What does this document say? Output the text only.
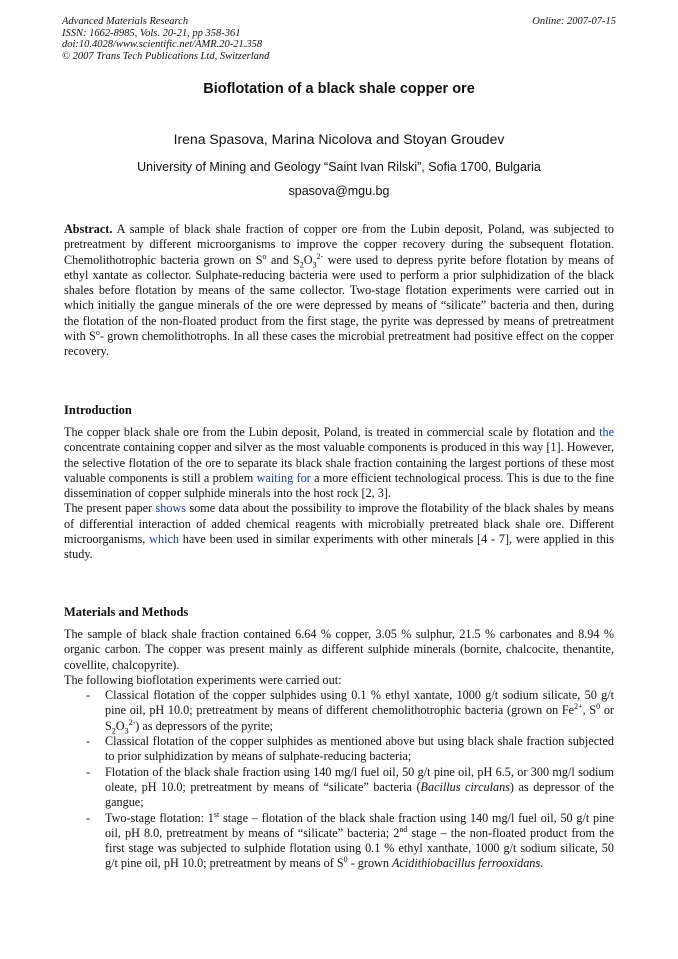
Advanced Materials Research
ISSN: 1662-8985, Vols. 20-21, pp 358-361
doi:10.4028/www.scientific.net/AMR.20-21.358
© 2007 Trans Tech Publications Ltd, Switzerland
Online: 2007-07-15
Bioflotation of a black shale copper ore
Irena Spasova, Marina Nicolova and Stoyan Groudev
University of Mining and Geology “Saint Ivan Rilski”, Sofia 1700, Bulgaria
spasova@mgu.bg

Abstract. A sample of black shale fraction of copper ore from the Lubin deposit, Poland, was subjected to pretreatment by different microorganisms to improve the copper recovery during the subsequent flotation. Chemolithotrophic bacteria grown on $S^o$ and $S_2O_3^{2-}$ were used to depress pyrite before flotation by means of ethyl xantate as collector. Sulphate-reducing bacteria were used to perform a prior sulphidization of the black shales before flotation by means of the same collector. Two-stage flotation experiments were carried out in which initially the gangue minerals of the ore were depressed by means of “silicate” bacteria and then, during the flotation of the non-floated product from the first stage, the pyrite was depressed by means of pretreatment with $S^o-$ grown chemolithotrophs. In all these cases the microbial pretreatment had positive effect on the copper recovery.

Introduction

The copper black shale ore from the Lubin deposit, Poland, is treated in commercial scale by flotation and the concentrate containing copper and silver as the most valuable components is produced in this way [1]. However, the selective flotation of the ore to separate its black shale fraction containing the largest portions of these most valuable components is still a problem waiting for a more efficient technological process. This is due to the fine dissemination of copper sulphide minerals into the host rock [2, 3].

The present paper shows some data about the possibility to improve the flotability of the black shales by means of differential interaction of added chemical reagents with microbially pretreated black shale ore. Different microorganisms, which have been used in similar experiments with other minerals [4 - 7], were applied in this study.

Materials and Methods

The sample of black shale fraction contained 6.64 % copper, 3.05 % sulphur, 21.5 % carbonates and 8.94 % organic carbon. The copper was present mainly as different sulphide minerals (bornite, chalcocite, thenantite, covellite, chalcopyrite).

The following bioflotation experiments were carried out:

- Classical flotation of the copper sulphides using 0.1 % ethyl xantate, 1000 g/t sodium silicate, 50 g/t pine oil, pH 10.0; pretreatment by means of different chemolithotrophic bacteria (grown on $Fe^{2+}$, $S^0$ or $S_2O_3^{2-}$) as depressors of the pyrite;
- Classical flotation of the copper sulphides as mentioned above but using black shale fraction subjected to prior sulphidization by means of sulphate-reducing bacteria;
- Flotation of the black shale fraction using 140 mg/l fuel oil, 50 g/t pine oil, pH 6.5, or 300 mg/l sodium oleate, pH 10.0; pretreatment by means of “silicate” bacteria (Bacillus circulans) as depressor of the gangue;
- Two-stage flotation: 1st stage – flotation of the black shale fraction using 140 mg/l fuel oil, 50 g/t pine oil, pH 8.0, pretreatment by means of “silicate” bacteria; 2nd stage – the non-floated product from the first stage was subjected to sulphide flotation using 0.1 % ethyl xanthate, 1000 g/t sodium silicate, 50 g/t pine oil, pH 10.0; pretreatment by means of $S^0$ - grown Acidithiobacillus ferrooxidans.
